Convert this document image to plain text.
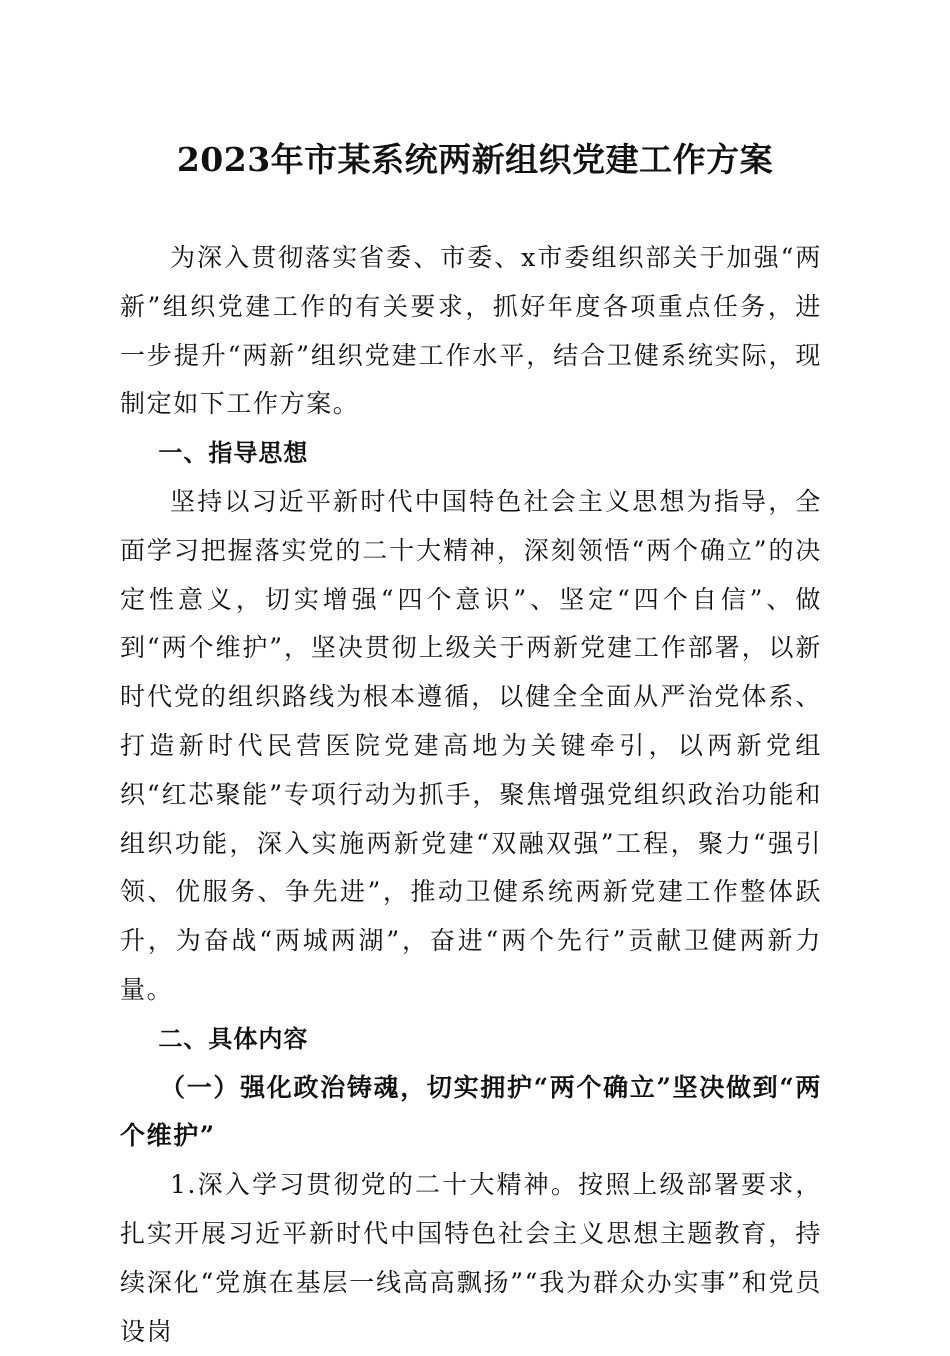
2023年市某系统两新组织党建工作方案

为深入贯彻落实省委、市委、x市委组织部关于加强“两新”组织党建工作的有关要求，抓好年度各项重点任务，进一步提升“两新”组织党建工作水平，结合卫健系统实际，现制定如下工作方案。

一、指导思想

坚持以习近平新时代中国特色社会主义思想为指导，全面学习把握落实党的二十大精神，深刻领悟“两个确立”的决定性意义，切实增强“四个意识”、坚定“四个自信”、做到“两个维护”，坚决贯彻上级关于两新党建工作部署，以新时代党的组织路线为根本遵循，以健全全面从严治党体系、打造新时代民营医院党建高地为关键牵引，以两新党组织“红芯聚能”专项行动为抓手，聚焦增强党组织政治功能和组织功能，深入实施两新党建“双融双强”工程，聚力“强引领、优服务、争先进”，推动卫健系统两新党建工作整体跃升，为奋战“两城两湖”，奋进“两个先行”贡献卫健两新力量。

二、具体内容
（一）强化政治铸魂，切实拥护“两个确立”坚决做到“两个维护”

1.深入学习贯彻党的二十大精神。按照上级部署要求，扎实开展习近平新时代中国特色社会主义思想主题教育，持续深化“党旗在基层一线高高飘扬”“我为群众办实事”和党员设岗
